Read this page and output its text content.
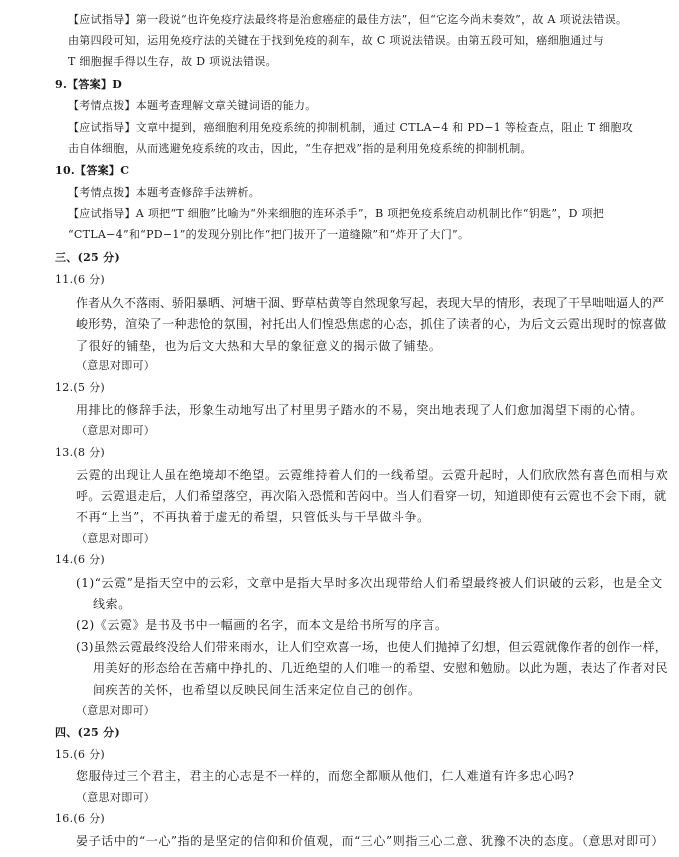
【应试指导】第一段说“也许免疫疗法最终将是治愈癌症的最佳方法”，但“它迄今尚未奏效”，故 A 项说法错误。
由第四段可知，运用免疫疗法的关键在于找到免疫的刹车，故 C 项说法错误。由第五段可知，癌细胞通过与
T 细胞握手得以生存，故 D 项说法错误。
9.【答案】D
【考情点拨】本题考查理解文章关键词语的能力。
【应试指导】文章中提到，癌细胞利用免疫系统的抑制机制，通过 CTLA−4 和 PD−1 等检查点，阻止 T 细胞攻
击自体细胞，从而逃避免疫系统的攻击，因此，“生存把戏”指的是利用免疫系统的抑制机制。
10.【答案】C
【考情点拨】本题考查修辞手法辨析。
【应试指导】A 项把“T 细胞”比喻为“外来细胞的连环杀手”，B 项把免疫系统启动机制比作“钥匙”，D 项把
“CTLA−4”和“PD−1”的发现分别比作“把门拔开了一道缝隙”和“炸开了大门”。
三、(25 分)
11.(6 分)
作者从久不落雨、骄阳暴晒、河塘干涸、野草枯黄等自然现象写起，表现大旱的情形，表现了干旱咄咄逼人的严
峻形势，渲染了一种悲怆的氛围，衬托出人们惶恐焦虑的心态，抓住了读者的心，为后文云霓出现时的惊喜做
了很好的铺垫，也为后文大热和大旱的象征意义的揭示做了铺垫。
（意思对即可）
12.(5 分)
用排比的修辞手法，形象生动地写出了村里男子踏水的不易，突出地表现了人们愈加渴望下雨的心情。
（意思对即可）
13.(8 分)
云霓的出现让人虽在绝境却不绝望。云霓维持着人们的一线希望。云霓升起时，人们欣欣然有喜色而相与欢
呼。云霓退走后，人们希望落空，再次陷入恐慌和苦闷中。当人们看穿一切，知道即使有云霓也不会下雨，就
不再“上当”，不再执着于虚无的希望，只管低头与干旱做斗争。
（意思对即可）
14.(6 分)
(1)“云霓”是指天空中的云彩，文章中是指大旱时多次出现带给人们希望最终被人们识破的云彩，也是全文
线索。
(2)《云霓》是书及书中一幅画的名字，而本文是给书所写的序言。
(3)虽然云霓最终没给人们带来雨水，让人们空欢喜一场，也使人们抛掉了幻想，但云霓就像作者的创作一样，
用美好的形态给在苦痛中挣扎的、几近绝望的人们唯一的希望、安慰和勉励。以此为题，表达了作者对民
间疾苦的关怀，也希望以反映民间生活来定位自己的创作。
（意思对即可）
四、(25 分)
15.(6 分)
您服侍过三个君主，君主的心志是不一样的，而您全都顺从他们，仁人难道有许多忠心吗?
（意思对即可）
16.(6 分)
晏子话中的“一心”指的是坚定的信仰和价值观，而“三心”则指三心二意、犹豫不决的态度。（意思对即可）
